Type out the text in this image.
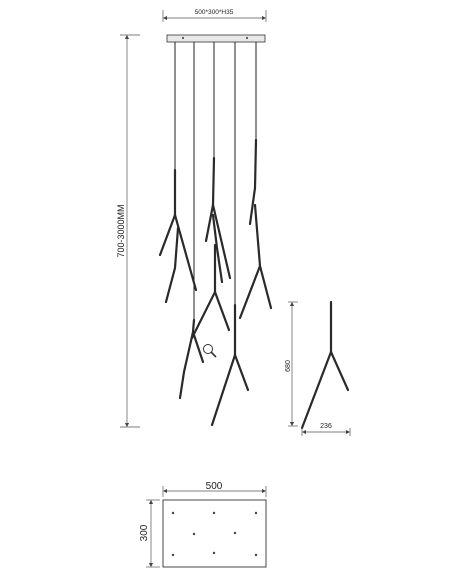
500*300*H35
700-3000MM
680
236
500
300
